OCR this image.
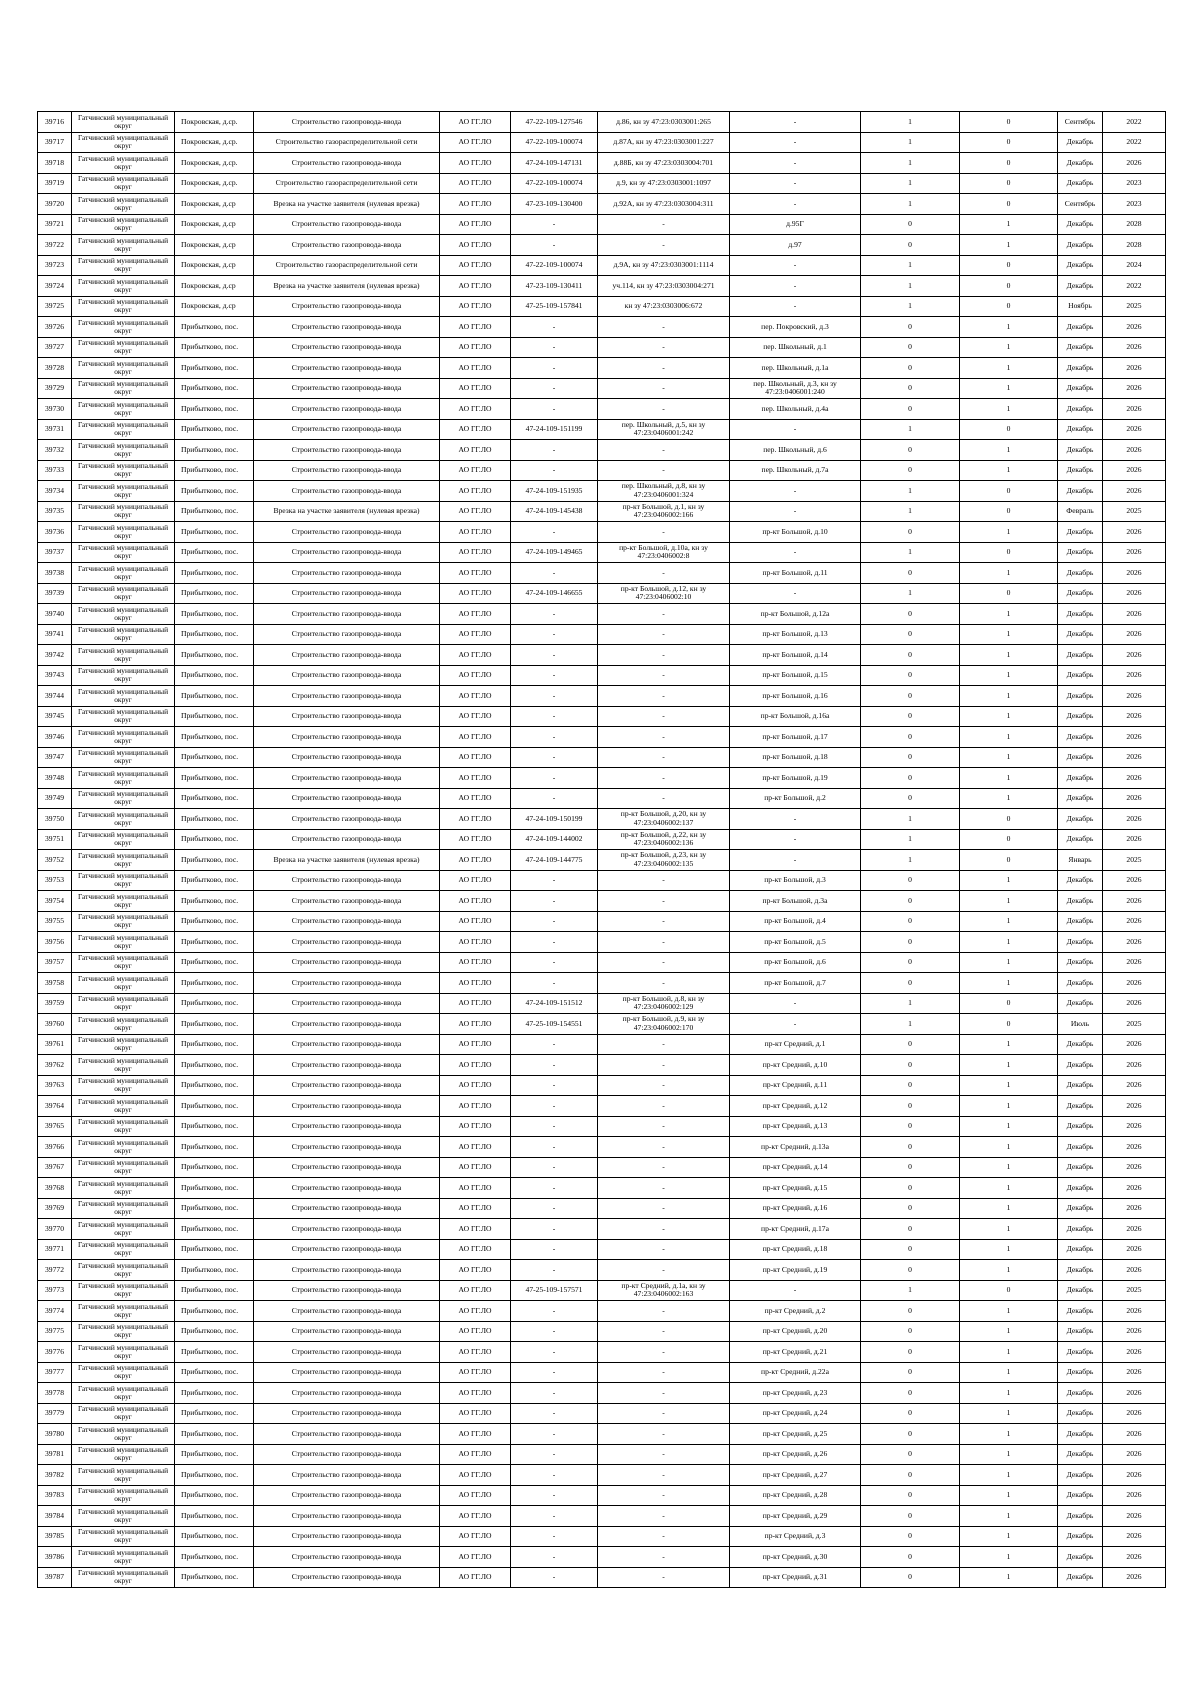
39716	Гатчинский муниципальный округ	Покровская, д.ср.	Строительство газопровода-ввода	АО ГГ.ЛО	47-22-109-127546	д.86, кн зу 47:23:0303001:265	-	1	0	Сентябрь	2022
39717	Гатчинский муниципальный округ	Покровская, д.ср.	Строительство газораспределительной сети	АО ГГ.ЛО	47-22-109-100074	д.87А, кн зу 47:23:0303001:227	-	1	0	Декабрь	2022
39718	Гатчинский муниципальный округ	Покровская, д.ср.	Строительство газопровода-ввода	АО ГГ.ЛО	47-24-109-147131	д.88Б, кн зу 47:23:0303004:701	-	1	0	Декабрь	2026
39719	Гатчинский муниципальный округ	Покровская, д.ср.	Строительство газораспределительной сети	АО ГГ.ЛО	47-22-109-100074	д.9, кн зу 47:23:0303001:1097	-	1	0	Декабрь	2023
39720	Гатчинский муниципальный округ	Покровская, д.ср	Врезка на участке заявителя (нулевая врезка)	АО ГГ.ЛО	47-23-109-130400	д.92А, кн зу 47:23:0303004:311	-	1	0	Сентябрь	2023
39721	Гатчинский муниципальный округ	Покровская, д.ср	Строительство газопровода-ввода	АО ГГ.ЛО	-	-	д.95Г	0	1	Декабрь	2028
39722	Гатчинский муниципальный округ	Покровская, д.ср	Строительство газопровода-ввода	АО ГГ.ЛО	-	-	д.97	0	1	Декабрь	2028
39723	Гатчинский муниципальный округ	Покровская, д.ср	Строительство газораспределительной сети	АО ГГ.ЛО	47-22-109-100074	д.9А, кн зу 47:23:0303001:1114	-	1	0	Декабрь	2024
39724	Гатчинский муниципальный округ	Покровская, д.ср	Врезка на участке заявителя (нулевая врезка)	АО ГГ.ЛО	47-23-109-130411	уч.114, кн зу 47:23:0303004:271	-	1	0	Декабрь	2022
39725	Гатчинский муниципальный округ	Покровская, д.ср	Строительство газопровода-ввода	АО ГГ.ЛО	47-25-109-157841	кн зу 47:23:0303006:672	-	1	0	Ноябрь	2025
39726	Гатчинский муниципальный округ	Прибытково, пос.	Строительство газопровода-ввода	АО ГГ.ЛО	-	-	пер. Покровский, д.3	0	1	Декабрь	2026
39727	Гатчинский муниципальный округ	Прибытково, пос.	Строительство газопровода-ввода	АО ГГ.ЛО	-	-	пер. Школьный, д.1	0	1	Декабрь	2026
39728	Гатчинский муниципальный округ	Прибытково, пос.	Строительство газопровода-ввода	АО ГГ.ЛО	-	-	пер. Школьный, д.1а	0	1	Декабрь	2026
39729	Гатчинский муниципальный округ	Прибытково, пос.	Строительство газопровода-ввода	АО ГГ.ЛО	-	-	пер. Школьный, д.3, кн зу 47:23:0406001:240	0	1	Декабрь	2026
39730	Гатчинский муниципальный округ	Прибытково, пос.	Строительство газопровода-ввода	АО ГГ.ЛО	-	-	пер. Школьный, д.4а	0	1	Декабрь	2026
39731	Гатчинский муниципальный округ	Прибытково, пос.	Строительство газопровода-ввода	АО ГГ.ЛО	47-24-109-151199	пер. Школьный, д.5, кн зу 47:23:0406001:242	-	1	0	Декабрь	2026
39732	Гатчинский муниципальный округ	Прибытково, пос.	Строительство газопровода-ввода	АО ГГ.ЛО	-	-	пер. Школьный, д.6	0	1	Декабрь	2026
39733	Гатчинский муниципальный округ	Прибытково, пос.	Строительство газопровода-ввода	АО ГГ.ЛО	-	-	пер. Школьный, д.7а	0	1	Декабрь	2026
39734	Гатчинский муниципальный округ	Прибытково, пос.	Строительство газопровода-ввода	АО ГГ.ЛО	47-24-109-151935	пер. Школьный, д.8, кн зу 47:23:0406001:324	-	1	0	Декабрь	2026
39735	Гатчинский муниципальный округ	Прибытково, пос.	Врезка на участке заявителя (нулевая врезка)	АО ГГ.ЛО	47-24-109-145438	пр-кт Большой, д.1, кн зу 47:23:0406002:166	-	1	0	Февраль	2025
39736	Гатчинский муниципальный округ	Прибытково, пос.	Строительство газопровода-ввода	АО ГГ.ЛО	-	-	пр-кт Большой, д.10	0	1	Декабрь	2026
39737	Гатчинский муниципальный округ	Прибытково, пос.	Строительство газопровода-ввода	АО ГГ.ЛО	47-24-109-149465	пр-кт Большой, д.10а, кн зу 47:23:0406002:8	-	1	0	Декабрь	2026
39738	Гатчинский муниципальный округ	Прибытково, пос.	Строительство газопровода-ввода	АО ГГ.ЛО	-	-	пр-кт Большой, д.11	0	1	Декабрь	2026
39739	Гатчинский муниципальный округ	Прибытково, пос.	Строительство газопровода-ввода	АО ГГ.ЛО	47-24-109-146655	пр-кт Большой, д.12, кн зу 47:23:0406002:10	-	1	0	Декабрь	2026
39740	Гатчинский муниципальный округ	Прибытково, пос.	Строительство газопровода-ввода	АО ГГ.ЛО	-	-	пр-кт Большой, д.12а	0	1	Декабрь	2026
39741	Гатчинский муниципальный округ	Прибытково, пос.	Строительство газопровода-ввода	АО ГГ.ЛО	-	-	пр-кт Большой, д.13	0	1	Декабрь	2026
39742	Гатчинский муниципальный округ	Прибытково, пос.	Строительство газопровода-ввода	АО ГГ.ЛО	-	-	пр-кт Большой, д.14	0	1	Декабрь	2026
39743	Гатчинский муниципальный округ	Прибытково, пос.	Строительство газопровода-ввода	АО ГГ.ЛО	-	-	пр-кт Большой, д.15	0	1	Декабрь	2026
39744	Гатчинский муниципальный округ	Прибытково, пос.	Строительство газопровода-ввода	АО ГГ.ЛО	-	-	пр-кт Большой, д.16	0	1	Декабрь	2026
39745	Гатчинский муниципальный округ	Прибытково, пос.	Строительство газопровода-ввода	АО ГГ.ЛО	-	-	пр-кт Большой, д.16а	0	1	Декабрь	2026
39746	Гатчинский муниципальный округ	Прибытково, пос.	Строительство газопровода-ввода	АО ГГ.ЛО	-	-	пр-кт Большой, д.17	0	1	Декабрь	2026
39747	Гатчинский муниципальный округ	Прибытково, пос.	Строительство газопровода-ввода	АО ГГ.ЛО	-	-	пр-кт Большой, д.18	0	1	Декабрь	2026
39748	Гатчинский муниципальный округ	Прибытково, пос.	Строительство газопровода-ввода	АО ГГ.ЛО	-	-	пр-кт Большой, д.19	0	1	Декабрь	2026
39749	Гатчинский муниципальный округ	Прибытково, пос.	Строительство газопровода-ввода	АО ГГ.ЛО	-	-	пр-кт Большой, д.2	0	1	Декабрь	2026
39750	Гатчинский муниципальный округ	Прибытково, пос.	Строительство газопровода-ввода	АО ГГ.ЛО	47-24-109-150199	пр-кт Большой, д.20, кн зу 47:23:0406002:137	-	1	0	Декабрь	2026
39751	Гатчинский муниципальный округ	Прибытково, пос.	Строительство газопровода-ввода	АО ГГ.ЛО	47-24-109-144002	пр-кт Большой, д.22, кн зу 47:23:0406002:136	-	1	0	Декабрь	2026
39752	Гатчинский муниципальный округ	Прибытково, пос.	Врезка на участке заявителя (нулевая врезка)	АО ГГ.ЛО	47-24-109-144775	пр-кт Большой, д.23, кн зу 47:23:0406002:135	-	1	0	Январь	2025
39753	Гатчинский муниципальный округ	Прибытково, пос.	Строительство газопровода-ввода	АО ГГ.ЛО	-	-	пр-кт Большой, д.3	0	1	Декабрь	2026
39754	Гатчинский муниципальный округ	Прибытково, пос.	Строительство газопровода-ввода	АО ГГ.ЛО	-	-	пр-кт Большой, д.3а	0	1	Декабрь	2026
39755	Гатчинский муниципальный округ	Прибытково, пос.	Строительство газопровода-ввода	АО ГГ.ЛО	-	-	пр-кт Большой, д.4	0	1	Декабрь	2026
39756	Гатчинский муниципальный округ	Прибытково, пос.	Строительство газопровода-ввода	АО ГГ.ЛО	-	-	пр-кт Большой, д.5	0	1	Декабрь	2026
39757	Гатчинский муниципальный округ	Прибытково, пос.	Строительство газопровода-ввода	АО ГГ.ЛО	-	-	пр-кт Большой, д.6	0	1	Декабрь	2026
39758	Гатчинский муниципальный округ	Прибытково, пос.	Строительство газопровода-ввода	АО ГГ.ЛО	-	-	пр-кт Большой, д.7	0	1	Декабрь	2026
39759	Гатчинский муниципальный округ	Прибытково, пос.	Строительство газопровода-ввода	АО ГГ.ЛО	47-24-109-151512	пр-кт Большой, д.8, кн зу 47:23:0406002:129	-	1	0	Декабрь	2026
39760	Гатчинский муниципальный округ	Прибытково, пос.	Строительство газопровода-ввода	АО ГГ.ЛО	47-25-109-154551	пр-кт Большой, д.9, кн зу 47:23:0406002:170	-	1	0	Июль	2025
39761	Гатчинский муниципальный округ	Прибытково, пос.	Строительство газопровода-ввода	АО ГГ.ЛО	-	-	пр-кт Средний, д.1	0	1	Декабрь	2026
39762	Гатчинский муниципальный округ	Прибытково, пос.	Строительство газопровода-ввода	АО ГГ.ЛО	-	-	пр-кт Средний, д.10	0	1	Декабрь	2026
39763	Гатчинский муниципальный округ	Прибытково, пос.	Строительство газопровода-ввода	АО ГГ.ЛО	-	-	пр-кт Средний, д.11	0	1	Декабрь	2026
39764	Гатчинский муниципальный округ	Прибытково, пос.	Строительство газопровода-ввода	АО ГГ.ЛО	-	-	пр-кт Средний, д.12	0	1	Декабрь	2026
39765	Гатчинский муниципальный округ	Прибытково, пос.	Строительство газопровода-ввода	АО ГГ.ЛО	-	-	пр-кт Средний, д.13	0	1	Декабрь	2026
39766	Гатчинский муниципальный округ	Прибытково, пос.	Строительство газопровода-ввода	АО ГГ.ЛО	-	-	пр-кт Средний, д.13а	0	1	Декабрь	2026
39767	Гатчинский муниципальный округ	Прибытково, пос.	Строительство газопровода-ввода	АО ГГ.ЛО	-	-	пр-кт Средний, д.14	0	1	Декабрь	2026
39768	Гатчинский муниципальный округ	Прибытково, пос.	Строительство газопровода-ввода	АО ГГ.ЛО	-	-	пр-кт Средний, д.15	0	1	Декабрь	2026
39769	Гатчинский муниципальный округ	Прибытково, пос.	Строительство газопровода-ввода	АО ГГ.ЛО	-	-	пр-кт Средний, д.16	0	1	Декабрь	2026
39770	Гатчинский муниципальный округ	Прибытково, пос.	Строительство газопровода-ввода	АО ГГ.ЛО	-	-	пр-кт Средний, д.17а	0	1	Декабрь	2026
39771	Гатчинский муниципальный округ	Прибытково, пос.	Строительство газопровода-ввода	АО ГГ.ЛО	-	-	пр-кт Средний, д.18	0	1	Декабрь	2026
39772	Гатчинский муниципальный округ	Прибытково, пос.	Строительство газопровода-ввода	АО ГГ.ЛО	-	-	пр-кт Средний, д.19	0	1	Декабрь	2026
39773	Гатчинский муниципальный округ	Прибытково, пос.	Строительство газопровода-ввода	АО ГГ.ЛО	47-25-109-157571	пр-кт Средний, д.1а, кн зу 47:23:0406002:163	-	1	0	Декабрь	2025
39774	Гатчинский муниципальный округ	Прибытково, пос.	Строительство газопровода-ввода	АО ГГ.ЛО	-	-	пр-кт Средний, д.2	0	1	Декабрь	2026
39775	Гатчинский муниципальный округ	Прибытково, пос.	Строительство газопровода-ввода	АО ГГ.ЛО	-	-	пр-кт Средний, д.20	0	1	Декабрь	2026
39776	Гатчинский муниципальный округ	Прибытково, пос.	Строительство газопровода-ввода	АО ГГ.ЛО	-	-	пр-кт Средний, д.21	0	1	Декабрь	2026
39777	Гатчинский муниципальный округ	Прибытково, пос.	Строительство газопровода-ввода	АО ГГ.ЛО	-	-	пр-кт Средний, д.22а	0	1	Декабрь	2026
39778	Гатчинский муниципальный округ	Прибытково, пос.	Строительство газопровода-ввода	АО ГГ.ЛО	-	-	пр-кт Средний, д.23	0	1	Декабрь	2026
39779	Гатчинский муниципальный округ	Прибытково, пос.	Строительство газопровода-ввода	АО ГГ.ЛО	-	-	пр-кт Средний, д.24	0	1	Декабрь	2026
39780	Гатчинский муниципальный округ	Прибытково, пос.	Строительство газопровода-ввода	АО ГГ.ЛО	-	-	пр-кт Средний, д.25	0	1	Декабрь	2026
39781	Гатчинский муниципальный округ	Прибытково, пос.	Строительство газопровода-ввода	АО ГГ.ЛО	-	-	пр-кт Средний, д.26	0	1	Декабрь	2026
39782	Гатчинский муниципальный округ	Прибытково, пос.	Строительство газопровода-ввода	АО ГГ.ЛО	-	-	пр-кт Средний, д.27	0	1	Декабрь	2026
39783	Гатчинский муниципальный округ	Прибытково, пос.	Строительство газопровода-ввода	АО ГГ.ЛО	-	-	пр-кт Средний, д.28	0	1	Декабрь	2026
39784	Гатчинский муниципальный округ	Прибытково, пос.	Строительство газопровода-ввода	АО ГГ.ЛО	-	-	пр-кт Средний, д.29	0	1	Декабрь	2026
39785	Гатчинский муниципальный округ	Прибытково, пос.	Строительство газопровода-ввода	АО ГГ.ЛО	-	-	пр-кт Средний, д.3	0	1	Декабрь	2026
39786	Гатчинский муниципальный округ	Прибытково, пос.	Строительство газопровода-ввода	АО ГГ.ЛО	-	-	пр-кт Средний, д.30	0	1	Декабрь	2026
39787	Гатчинский муниципальный округ	Прибытково, пос.	Строительство газопровода-ввода	АО ГГ.ЛО	-	-	пр-кт Средний, д.31	0	1	Декабрь	2026
